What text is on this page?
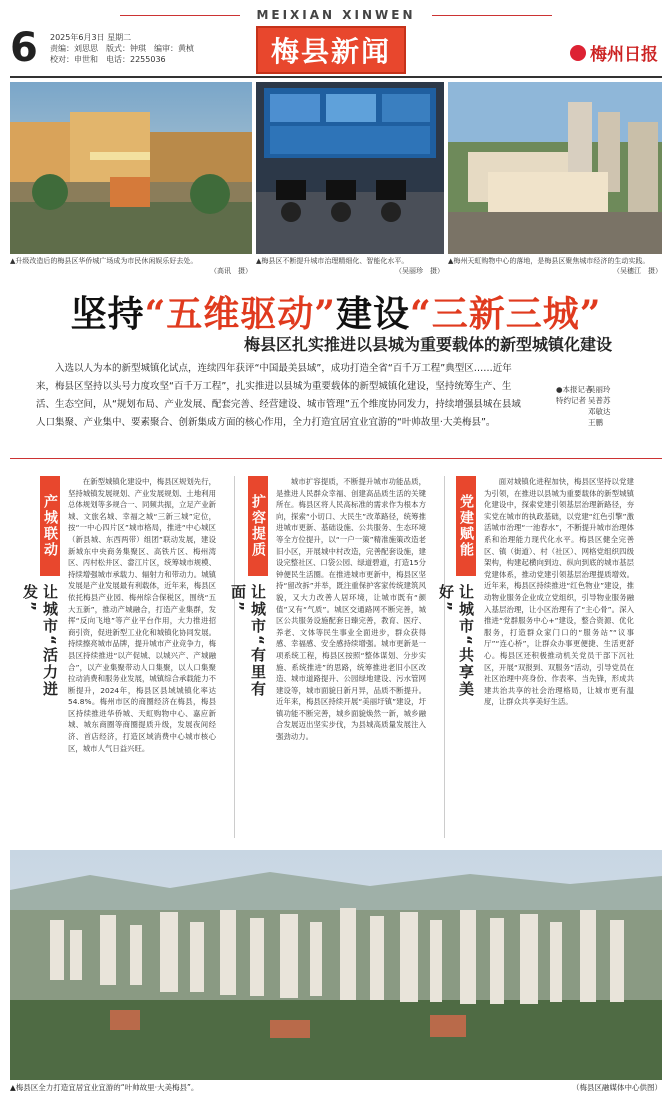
MEIXIAN XINWEN
6 2025年6月3日 星期二
责编：刘思思　 版式：钟琪　 编审：黄桢
校对：申世和　 电话：2255036	梅县新闻	梅州日报
▲升级改造后的梅县区华侨城广场成为市民休闲娱乐好去处。
（高讯　摄）
▲梅县区不断提升城市治理精细化、智能化水平。
（吴丽珍　摄）
▲梅州天虹购物中心的落地，是梅县区聚焦城市经济的生动实践。
（吴穗江　摄）
坚持“五维驱动”建设“三新三城”
梅县区扎实推进以县城为重要载体的新型城镇化建设
入选以人为本的新型城镇化试点，连续四年获评“中国最美县域”，成功打造全省“百千万工程”典型区……近年来，梅县区坚持以头号力度攻坚“百千万工程”，扎实推进以县城为重要载体的新型城镇化建设，坚持统筹生产、生活、生态空间，从“规划布局、产业发展、配套完善、经营建设、城市管理”五个维度协同发力，持续增强县城在县域人口集聚、产业集中、要素聚合、创新集成方面的核心作用，全力打造宜居宜业宜游的“叶帅故里·大美梅县”。
●本报记者
特约记者
吴丽玲
吴普苏
邓敏达
王鹏
产城联动
让城市“活力迸发”
在新型城镇化建设中，梅县区规划先行，坚持城镇发展规划、产业发展规划、土地利用总体规划等多规合一、同频共振，立足产业新城、文旅名城、幸福之城“三新三城”定位，按“一中心四片区”城市格局，推进“中心城区（新县城、东西两带）组团”联动发展，建设新城东中央商务集聚区、高铁片区、梅州湾区、丙村松井区、畲江片区，统筹城市规模、持续增强城市承载力、辐射力和带动力。城镇发展是产业发展最有利载体，近年来，梅县区依托梅县产业园、梅州综合保税区，围绕“五大五新”，推动产城融合，打造产业集群，发挥“反向飞地”等产业平台作用，大力推进招商引资，促进新型工业化和城镇化协同发展。持续擦亮城市品牌，提升城市产业竞争力，梅县区持续推进“以产促城、以城兴产、产城融合”，以产业集聚带动人口集聚，以人口集聚拉动消费和服务业发展，城镇综合承载能力不断提升，2024年，梅县区县域城镇化率达54.8%。梅州市区的商圈经济在梅县，梅县区持续推进华侨城、天虹购物中心、嘉应新城、城东商圈等商圈提质升级，发展夜间经济、首店经济，打造区域消费中心城市核心区，城市人气日益兴旺。
扩容提质
让城市“有里有面”
城市扩容提质，不断提升城市功能品质，是推进人民群众幸福、创建高品质生活的关键所在。梅县区将人民高标准的需求作为根本方向，探索“小切口、大民生”改革路径，统筹推进城市更新、基础设施、公共服务、生态环境等全方位提升，以“一户一策”精准施策改造老旧小区，开展城中村改造，完善配套设施，建设完整社区、口袋公园、绿道碧道，打造15分钟便民生活圈。在推进城市更新中，梅县区坚持“留改拆”并举，既注重保护客家传统建筑风貌，又大力改善人居环境，让城市既有“颜值”又有“气质”。城区交通路网不断完善，城区公共服务设施配套日臻完善，教育、医疗、养老、文体等民生事业全面进步，群众获得感、幸福感、安全感持续增强。城市更新是一项系统工程，梅县区按照“整体谋划、分步实施、系统推进”的思路，统筹推进老旧小区改造、城市道路提升、公园绿地建设、污水管网建设等，城市面貌日新月异，品质不断提升。近年来，梅县区持续开展“美丽圩镇”建设，圩镇功能不断完善，城乡面貌焕然一新，城乡融合发展迈出坚实步伐，为县城高质量发展注入强劲动力。
党建赋能
让城市“共享美好”
面对城镇化进程加快，梅县区坚持以党建为引领，在推进以县城为重要载体的新型城镇化建设中，探索党建引领基层治理新路径，夯实党在城市的执政基础，以党建“红色引擎”激活城市治理“一池春水”，不断提升城市治理体系和治理能力现代化水平。梅县区健全完善区、镇（街道）、村（社区）、网格党组织四级架构，构建起横向到边、纵向到底的城市基层党建体系，推动党建引领基层治理提质增效。近年来，梅县区持续推进“红色物业”建设，推动物业服务企业成立党组织，引导物业服务融入基层治理，让小区治理有了“主心骨”。深入推进“党群服务中心+”建设，整合资源、优化服务，打造群众家门口的“服务站”“议事厅”“连心桥”，让群众办事更便捷、生活更舒心。梅县区还积极推动机关党员干部下沉社区，开展“双报到、双服务”活动，引导党员在社区治理中亮身份、作表率、当先锋，形成共建共治共享的社会治理格局，让城市更有温度，让群众共享美好生活。
▲梅县区全力打造宜居宜业宜游的“叶帅故里·大美梅县”。	（梅县区融媒体中心供图）
